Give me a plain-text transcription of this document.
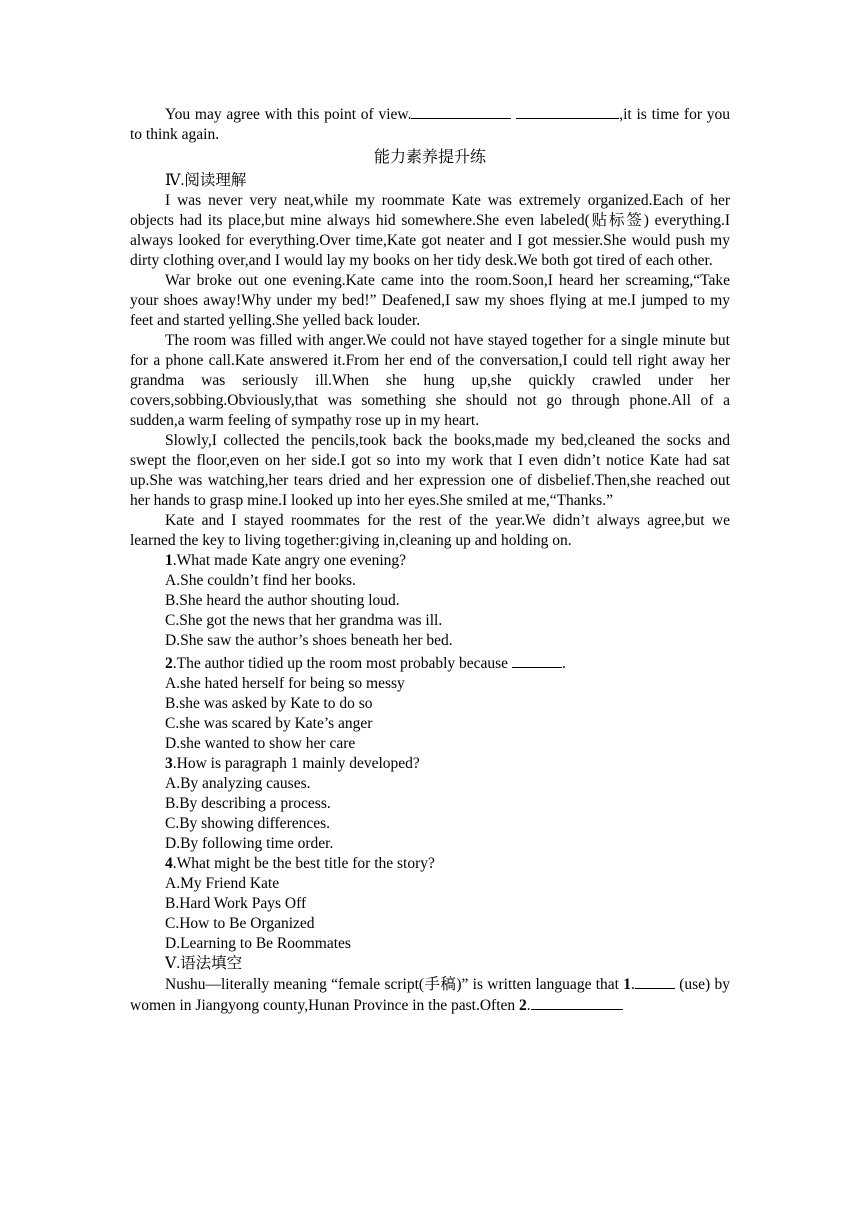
You may agree with this point of view.	,it is time for you to think again.

能力素养提升练

Ⅳ.阅读理解

I was never very neat,while my roommate Kate was extremely organized.Each of her objects had its place,but mine always hid somewhere.She even labeled(贴标签) everything.I always looked for everything.Over time,Kate got neater and I got messier.She would push my dirty clothing over,and I would lay my books on her tidy desk.We both got tired of each other.

War broke out one evening.Kate came into the room.Soon,I heard her screaming,“Take your shoes away!Why under my bed!” Deafened,I saw my shoes flying at me.I jumped to my feet and started yelling.She yelled back louder.

The room was filled with anger.We could not have stayed together for a single minute but for a phone call.Kate answered it.From her end of the conversation,I could tell right away her grandma was seriously ill.When she hung up,she quickly crawled under her covers,sobbing.Obviously,that was something she should not go through phone.All of a sudden,a warm feeling of sympathy rose up in my heart.

Slowly,I collected the pencils,took back the books,made my bed,cleaned the socks and swept the floor,even on her side.I got so into my work that I even didn’t notice Kate had sat up.She was watching,her tears dried and her expression one of disbelief.Then,she reached out her hands to grasp mine.I looked up into her eyes.She smiled at me,“Thanks.”

Kate and I stayed roommates for the rest of the year.We didn’t always agree,but we learned the key to living together:giving in,cleaning up and holding on.

1.What made Kate angry one evening?

A.She couldn’t find her books.

B.She heard the author shouting loud.

C.She got the news that her grandma was ill.

D.She saw the author’s shoes beneath her bed.

2.The author tidied up the room most probably because	.

A.she hated herself for being so messy

B.she was asked by Kate to do so

C.she was scared by Kate’s anger

D.she wanted to show her care

3.How is paragraph 1 mainly developed?

A.By analyzing causes.

B.By describing a process.

C.By showing differences.

D.By following time order.

4.What might be the best title for the story?

A.My Friend Kate

B.Hard Work Pays Off

C.How to Be Organized

D.Learning to Be Roommates

Ⅴ.语法填空

Nushu—literally meaning “female script(手稿)” is written language that 1.	(use) by women in Jiangyong county,Hunan Province in the past.Often 2.
